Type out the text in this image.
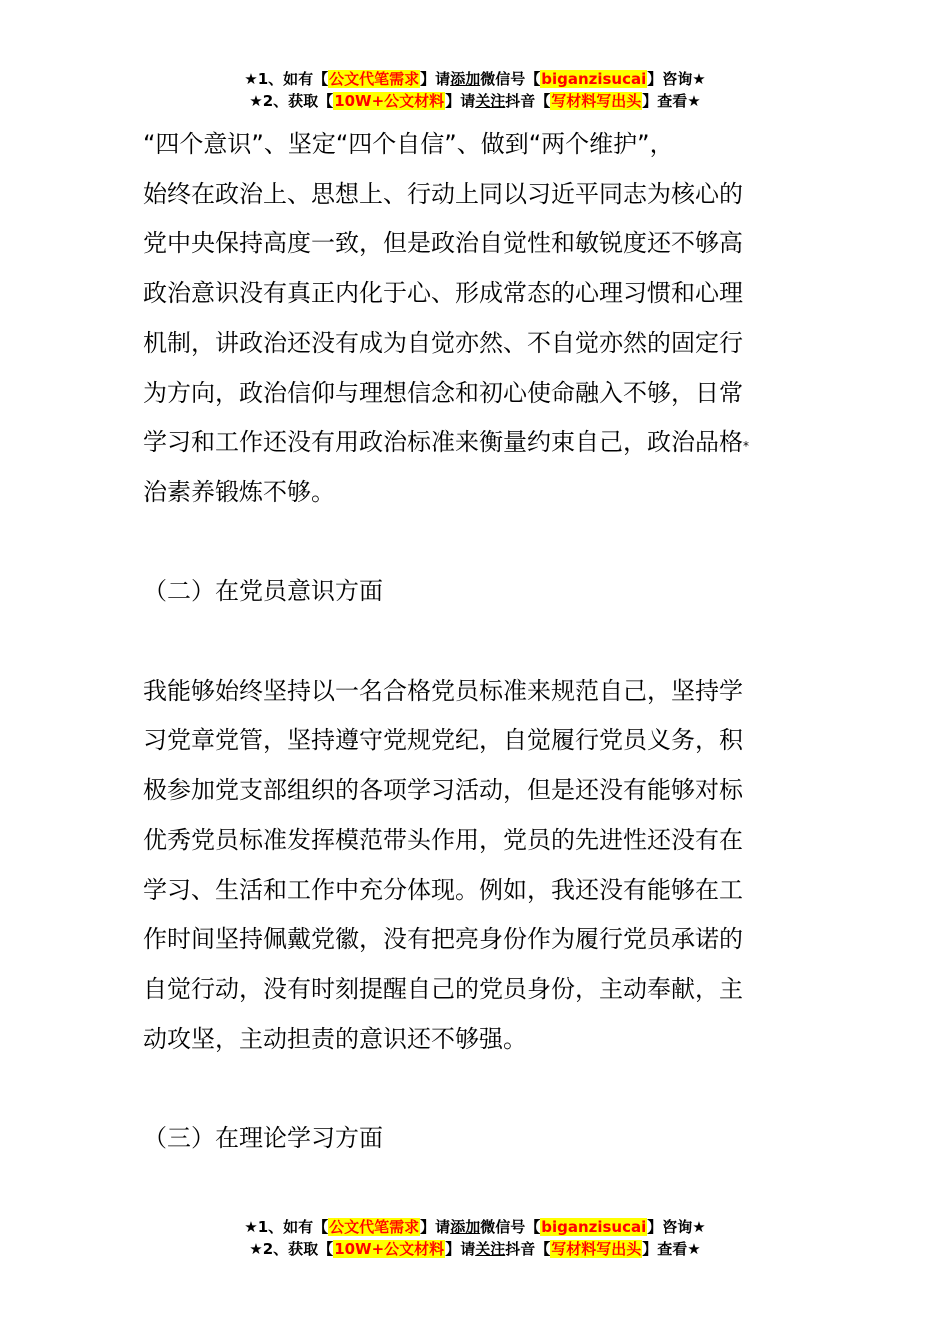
★1、如有【公文代笔需求】请添加微信号【biganzisucai】咨询★
★2、获取【10W+公文材料】请关注抖音【写材料写出头】查看★

“四个意识”、坚定“四个自信”、做到“两个维护”，

始终在政治上、思想上、行动上同以习近平同志为核心的

党中央保持高度一致，但是政治自觉性和敏锐度还不够高

政治意识没有真正内化于心、形成常态的心理习惯和心理

机制，讲政治还没有成为自觉亦然、不自觉亦然的固定行

为方向，政治信仰与理想信念和初心使命融入不够，日常

学习和工作还没有用政治标准来衡量约束自己，政治品格*

治素养锻炼不够。

（二）在党员意识方面

我能够始终坚持以一名合格党员标准来规范自己，坚持学

习党章党管，坚持遵守党规党纪，自觉履行党员义务，积

极参加党支部组织的各项学习活动，但是还没有能够对标

优秀党员标准发挥模范带头作用，党员的先进性还没有在

学习、生活和工作中充分体现。例如，我还没有能够在工

作时间坚持佩戴党徽，没有把亮身份作为履行党员承诺的

自觉行动，没有时刻提醒自己的党员身份，主动奉献，主

动攻坚，主动担责的意识还不够强。

（三）在理论学习方面

★1、如有【公文代笔需求】请添加微信号【biganzisucai】咨询★
★2、获取【10W+公文材料】请关注抖音【写材料写出头】查看★
